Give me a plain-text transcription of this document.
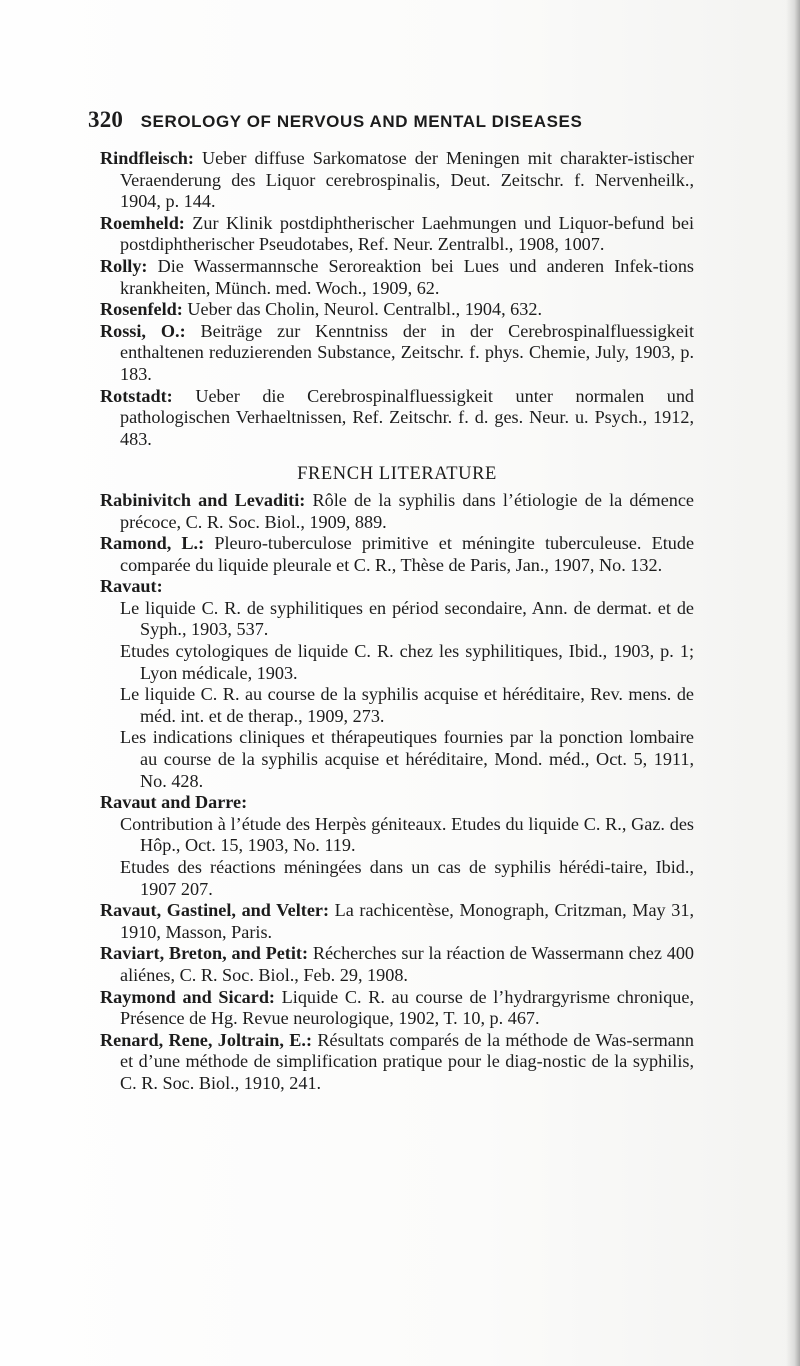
320 SEROLOGY OF NERVOUS AND MENTAL DISEASES

Rindfleisch: Ueber diffuse Sarkomatose der Meningen mit charakter-istischer Veraenderung des Liquor cerebrospinalis, Deut. Zeitschr. f. Nervenheilk., 1904, p. 144.

Roemheld: Zur Klinik postdiphtherischer Laehmungen und Liquor-befund bei postdiphtherischer Pseudotabes, Ref. Neur. Zentralbl., 1908, 1007.

Rolly: Die Wassermannsche Seroreaktion bei Lues und anderen Infek-tions krankheiten, Münch. med. Woch., 1909, 62.

Rosenfeld: Ueber das Cholin, Neurol. Centralbl., 1904, 632.

Rossi, O.: Beiträge zur Kenntniss der in der Cerebrospinalfluessigkeit enthaltenen reduzierenden Substance, Zeitschr. f. phys. Chemie, July, 1903, p. 183.

Rotstadt: Ueber die Cerebrospinalfluessigkeit unter normalen und pathologischen Verhaeltnissen, Ref. Zeitschr. f. d. ges. Neur. u. Psych., 1912, 483.

FRENCH LITERATURE

Rabinivitch and Levaditi: Rôle de la syphilis dans l’étiologie de la démence précoce, C. R. Soc. Biol., 1909, 889.

Ramond, L.: Pleuro-tuberculose primitive et méningite tuberculeuse. Etude comparée du liquide pleurale et C. R., Thèse de Paris, Jan., 1907, No. 132.

Ravaut:

Le liquide C. R. de syphilitiques en périod secondaire, Ann. de dermat. et de Syph., 1903, 537.

Etudes cytologiques de liquide C. R. chez les syphilitiques, Ibid., 1903, p. 1; Lyon médicale, 1903.

Le liquide C. R. au course de la syphilis acquise et héréditaire, Rev. mens. de méd. int. et de therap., 1909, 273.

Les indications cliniques et thérapeutiques fournies par la ponction lombaire au course de la syphilis acquise et héréditaire, Mond. méd., Oct. 5, 1911, No. 428.

Ravaut and Darre:

Contribution à l’étude des Herpès géniteaux. Etudes du liquide C. R., Gaz. des Hôp., Oct. 15, 1903, No. 119.

Etudes des réactions méningées dans un cas de syphilis hérédi-taire, Ibid., 1907 207.

Ravaut, Gastinel, and Velter: La rachicentèse, Monograph, Critzman, May 31, 1910, Masson, Paris.

Raviart, Breton, and Petit: Récherches sur la réaction de Wassermann chez 400 aliénes, C. R. Soc. Biol., Feb. 29, 1908.

Raymond and Sicard: Liquide C. R. au course de l’hydrargyrisme chronique, Présence de Hg. Revue neurologique, 1902, T. 10, p. 467.

Renard, Rene, Joltrain, E.: Résultats comparés de la méthode de Was-sermann et d’une méthode de simplification pratique pour le diag-nostic de la syphilis, C. R. Soc. Biol., 1910, 241.
